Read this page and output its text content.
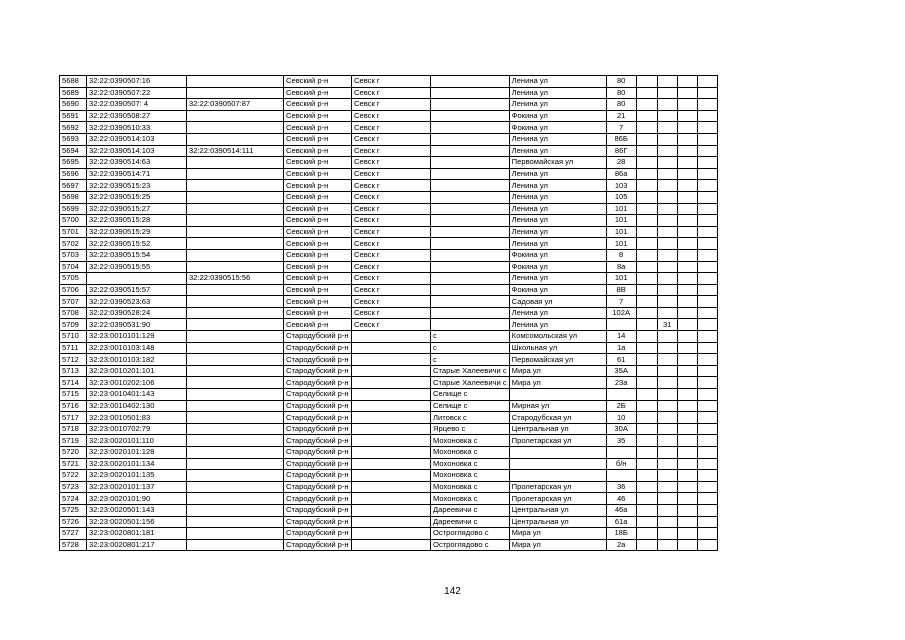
5688	32:22:0390507:16		Севский р-н	Севск г		Ленина ул	80				
5689	32:22:0390507:22		Севский р-н	Севск г		Ленина ул	80				
5690	32:22:0390507: 4	32:22:0390507:87	Севский р-н	Севск г		Ленина ул	80				
5691	32:22:0390508:27		Севский р-н	Севск г		Фокина ул	21				
5692	32:22:0390510:33		Севский р-н	Севск г		Фокина ул	7				
5693	32:22:0390514:103		Севский р-н	Севск г		Ленина ул	86Б				
5694	32:22:0390514:103	32:22:0390514:111	Севский р-н	Севск г		Ленина ул	86Г				
5695	32:22:0390514:63		Севский р-н	Севск г		Первомайская ул	28				
5696	32:22:0390514:71		Севский р-н	Севск г		Ленина ул	86а				
5697	32:22:0390515:23		Севский р-н	Севск г		Ленина ул	103				
5698	32:22:0390515:25		Севский р-н	Севск г		Ленина ул	105				
5699	32:22:0390515:27		Севский р-н	Севск г		Ленина ул	101				
5700	32:22:0390515:28		Севский р-н	Севск г		Ленина ул	101				
5701	32:22:0390515:29		Севский р-н	Севск г		Ленина ул	101				
5702	32:22:0390515:52		Севский р-н	Севск г		Ленина ул	101				
5703	32:22:0390515:54		Севский р-н	Севск г		Фокина ул	8				
5704	32:22:0390515:55		Севский р-н	Севск г		Фокина ул	8а				
5705		32:22:0390515:56	Севский р-н	Севск г		Ленина ул	101				
5706	32:22:0390515:57		Севский р-н	Севск г		Фокина ул	8В				
5707	32:22:0390523:63		Севский р-н	Севск г		Садовая ул	7				
5708	32:22:0390528:24		Севский р-н	Севск г		Ленина ул	102А				
5709	32:22:0390531:90		Севский р-н	Севск г		Ленина ул			31		
5710	32:23:0010101:129		Стародубский р-н		с	Комсомольская ул	14				
5711	32:23:0010103:148		Стародубский р-н		с	Школьная ул	1а				
5712	32:23:0010103:182		Стародубский р-н		с	Первомайская ул	61				
5713	32:23:0010201:101		Стародубский р-н		Старые Халеевичи с	Мира ул	35А				
5714	32:23:0010202:106		Стародубский р-н		Старые Халеевичи с	Мира ул	23а				
5715	32:23:0010401:143		Стародубский р-н		Селище с						
5716	32:23:0010402:130		Стародубский р-н		Селище с	Мирная ул	2Б				
5717	32:23:0010501:83		Стародубский р-н		Литовск с	Стародубская ул	10				
5718	32:23:0010702:79		Стародубский р-н		Ярцево с	Центральная ул	30А				
5719	32:23:0020101:110		Стародубский р-н		Мохоновка с	Пролетарская ул	35				
5720	32:23:0020101:128		Стародубский р-н		Мохоновка с						
5721	32:23:0020101:134		Стародубский р-н		Мохоновка с		б/н				
5722	32:23:0020101:135		Стародубский р-н		Мохоновка с						
5723	32:23:0020101:137		Стародубский р-н		Мохоновка с	Пролетарская ул	36				
5724	32:23:0020101:90		Стародубский р-н		Мохоновка с	Пролетарская ул	46				
5725	32:23:0020501:143		Стародубский р-н		Дареевичи с	Центральная ул	46а				
5726	32:23:0020501:156		Стародубский р-н		Дареевичи с	Центральная ул	61а				
5727	32:23:0020801:181		Стародубский р-н		Остроглядово с	Мира ул	18Б				
5728	32:23:0020801:217		Стародубский р-н		Остроглядово с	Мира ул	2а				
142
